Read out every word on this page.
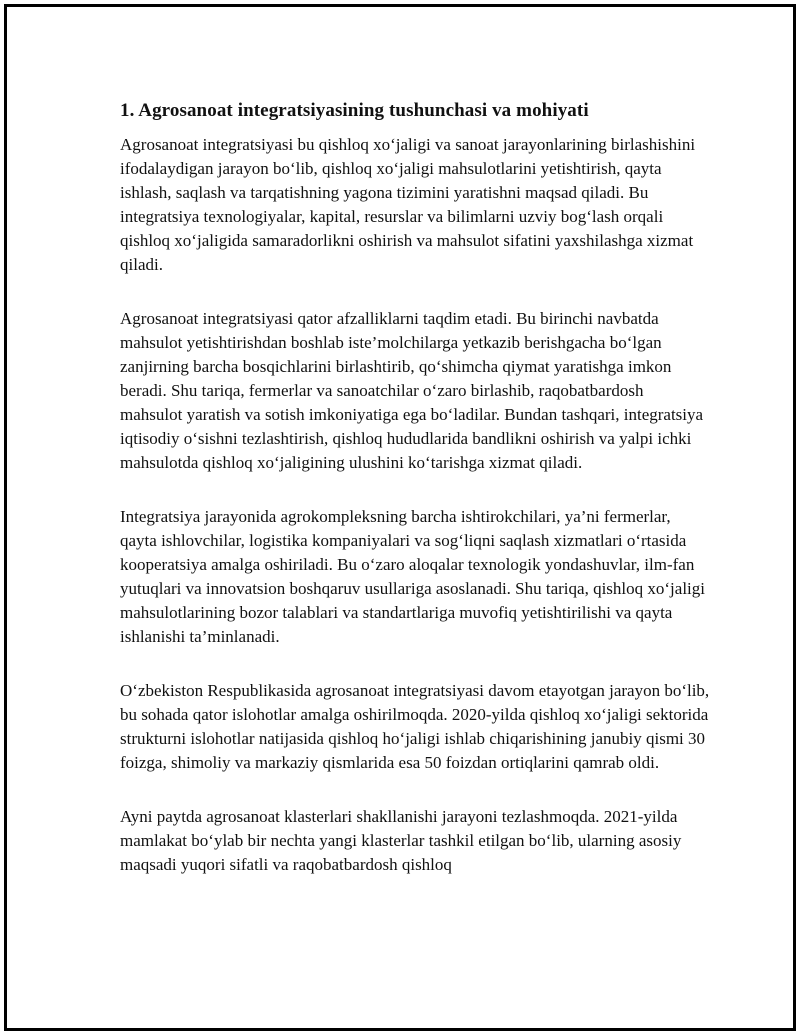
1. Agrosanoat integratsiyasining tushunchasi va mohiyati

Agrosanoat integratsiyasi bu qishloq xo‘jaligi va sanoat jarayonlarining birlashishini ifodalaydigan jarayon bo‘lib, qishloq xo‘jaligi mahsulotlarini yetishtirish, qayta ishlash, saqlash va tarqatishning yagona tizimini yaratishni maqsad qiladi. Bu integratsiya texnologiyalar, kapital, resurslar va bilimlarni uzviy bog‘lash orqali qishloq xo‘jaligida samaradorlikni oshirish va mahsulot sifatini yaxshilashga xizmat qiladi.

Agrosanoat integratsiyasi qator afzalliklarni taqdim etadi. Bu birinchi navbatda mahsulot yetishtirishdan boshlab iste’molchilarga yetkazib berishgacha bo‘lgan zanjirning barcha bosqichlarini birlashtirib, qo‘shimcha qiymat yaratishga imkon beradi. Shu tariqa, fermerlar va sanoatchilar o‘zaro birlashib, raqobatbardosh mahsulot yaratish va sotish imkoniyatiga ega bo‘ladilar. Bundan tashqari, integratsiya iqtisodiy o‘sishni tezlashtirish, qishloq hududlarida bandlikni oshirish va yalpi ichki mahsulotda qishloq xo‘jaligining ulushini ko‘tarishga xizmat qiladi.

Integratsiya jarayonida agrokompleksning barcha ishtirokchilari, ya’ni fermerlar, qayta ishlovchilar, logistika kompaniyalari va sog‘liqni saqlash xizmatlari o‘rtasida kooperatsiya amalga oshiriladi. Bu o‘zaro aloqalar texnologik yondashuvlar, ilm-fan yutuqlari va innovatsion boshqaruv usullariga asoslanadi. Shu tariqa, qishloq xo‘jaligi mahsulotlarining bozor talablari va standartlariga muvofiq yetishtirilishi va qayta ishlanishi ta’minlanadi.

O‘zbekiston Respublikasida agrosanoat integratsiyasi davom etayotgan jarayon bo‘lib, bu sohada qator islohotlar amalga oshirilmoqda. 2020-yilda qishloq xo‘jaligi sektorida strukturni islohotlar natijasida qishloq ho‘jaligi ishlab chiqarishining janubiy qismi 30 foizga, shimoliy va markaziy qismlarida esa 50 foizdan ortiqlarini qamrab oldi.

Ayni paytda agrosanoat klasterlari shakllanishi jarayoni tezlashmoqda. 2021-yilda mamlakat bo‘ylab bir nechta yangi klasterlar tashkil etilgan bo‘lib, ularning asosiy maqsadi yuqori sifatli va raqobatbardosh qishloq
